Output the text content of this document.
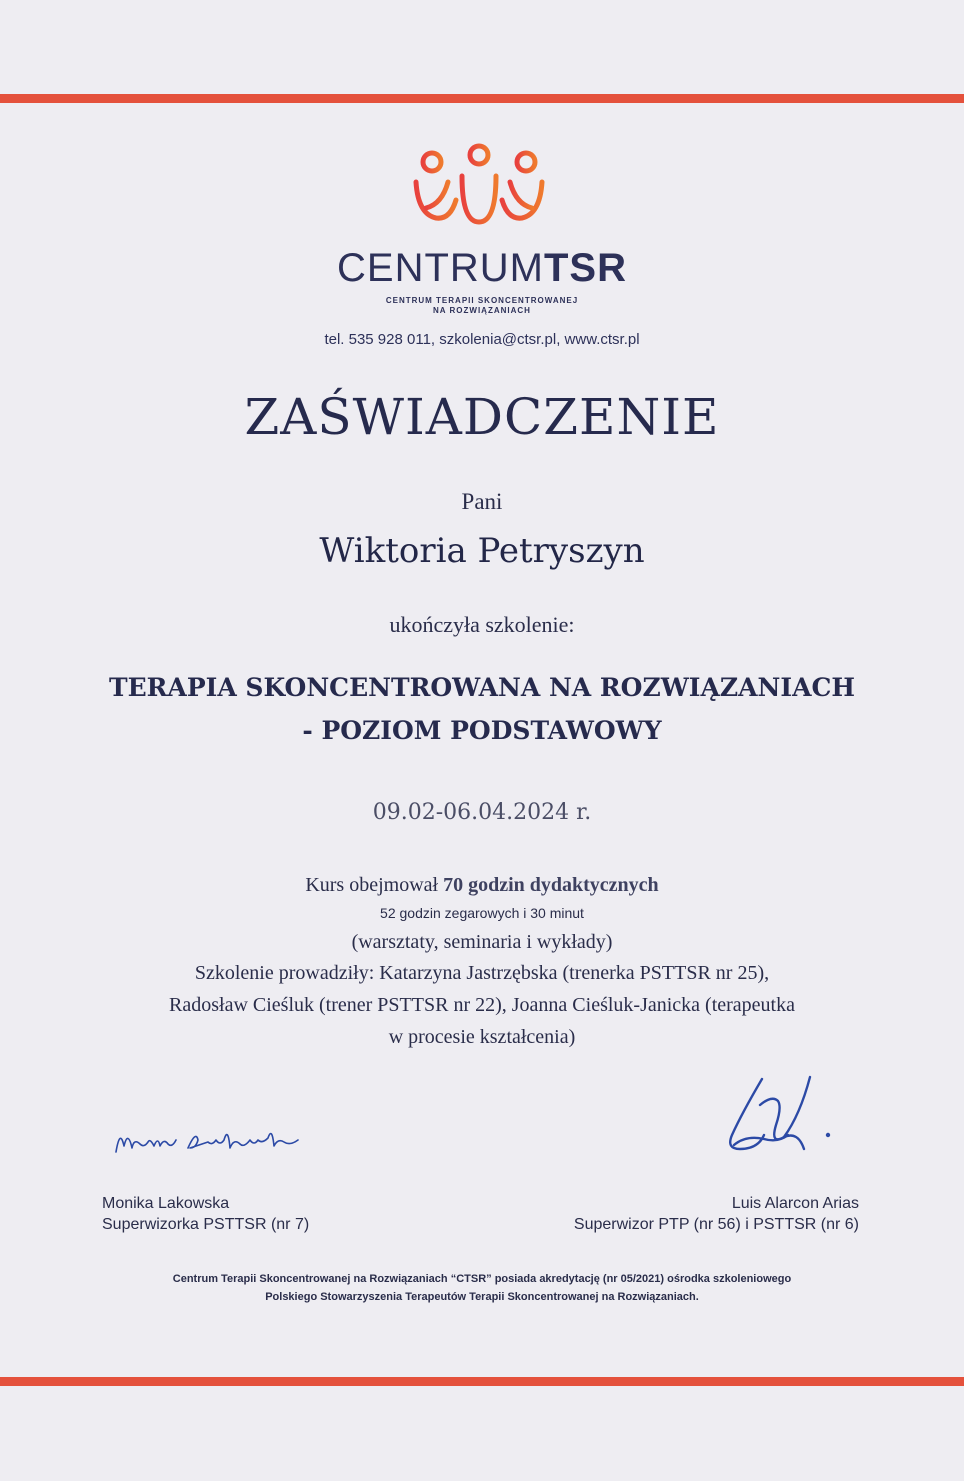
CENTRUMTSR
CENTRUM TERAPII SKONCENTROWANEJ
NA ROZWIĄZANIACH
tel. 535 928 011, szkolenia@ctsr.pl, www.ctsr.pl
ZAŚWIADCZENIE
Pani
Wiktoria Petryszyn
ukończyła szkolenie:
TERAPIA SKONCENTROWANA NA ROZWIĄZANIACH
- POZIOM PODSTAWOWY
09.02-06.04.2024 r.
Kurs obejmował 70 godzin dydaktycznych
52 godzin zegarowych i 30 minut
(warsztaty, seminaria i wykłady)
Szkolenie prowadziły: Katarzyna Jastrzębska (trenerka PSTTSR nr 25),
Radosław Cieśluk (trener PSTTSR nr 22), Joanna Cieśluk-Janicka (terapeutka
w procesie kształcenia)
Monika Lakowska
Superwizorka PSTTSR (nr 7)
Luis Alarcon Arias
Superwizor PTP (nr 56) i PSTTSR (nr 6)
Centrum Terapii Skoncentrowanej na Rozwiązaniach “CTSR” posiada akredytację (nr 05/2021) ośrodka szkoleniowego
Polskiego Stowarzyszenia Terapeutów Terapii Skoncentrowanej na Rozwiązaniach.
